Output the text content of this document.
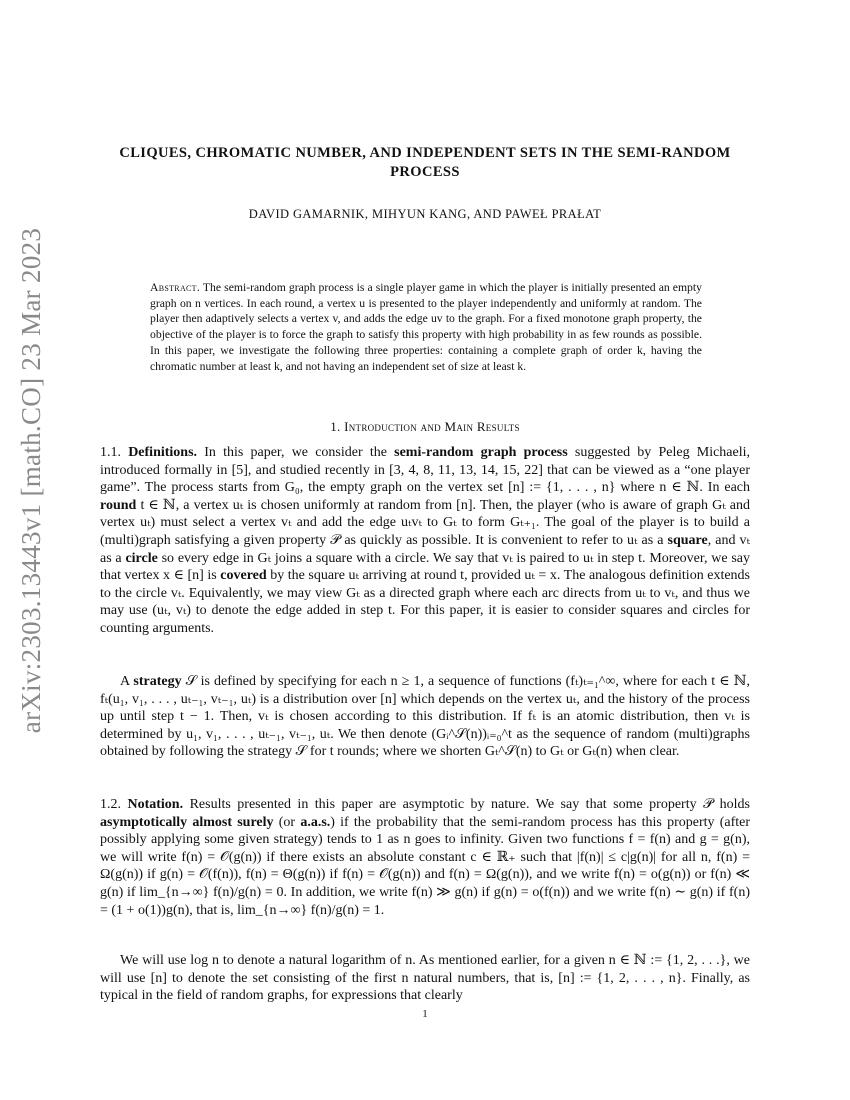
arXiv:2303.13443v1 [math.CO] 23 Mar 2023
CLIQUES, CHROMATIC NUMBER, AND INDEPENDENT SETS IN THE SEMI-RANDOM PROCESS
DAVID GAMARNIK, MIHYUN KANG, AND PAWEŁ PRAŁAT
Abstract. The semi-random graph process is a single player game in which the player is initially presented an empty graph on n vertices. In each round, a vertex u is presented to the player independently and uniformly at random. The player then adaptively selects a vertex v, and adds the edge uv to the graph. For a fixed monotone graph property, the objective of the player is to force the graph to satisfy this property with high probability in as few rounds as possible. In this paper, we investigate the following three properties: containing a complete graph of order k, having the chromatic number at least k, and not having an independent set of size at least k.
1. Introduction and Main Results
1.1. Definitions. In this paper, we consider the semi-random graph process suggested by Peleg Michaeli, introduced formally in [5], and studied recently in [3, 4, 8, 11, 13, 14, 15, 22] that can be viewed as a “one player game”. The process starts from G₀, the empty graph on the vertex set [n] := {1, . . . , n} where n ∈ ℕ. In each round t ∈ ℕ, a vertex uₜ is chosen uniformly at random from [n]. Then, the player (who is aware of graph Gₜ and vertex uₜ) must select a vertex vₜ and add the edge uₜvₜ to Gₜ to form Gₜ₊₁. The goal of the player is to build a (multi)graph satisfying a given property 𝒫 as quickly as possible. It is convenient to refer to uₜ as a square, and vₜ as a circle so every edge in Gₜ joins a square with a circle. We say that vₜ is paired to uₜ in step t. Moreover, we say that vertex x ∈ [n] is covered by the square uₜ arriving at round t, provided uₜ = x. The analogous definition extends to the circle vₜ. Equivalently, we may view Gₜ as a directed graph where each arc directs from uₜ to vₜ, and thus we may use (uₜ, vₜ) to denote the edge added in step t. For this paper, it is easier to consider squares and circles for counting arguments.
A strategy 𝒮 is defined by specifying for each n ≥ 1, a sequence of functions (fₜ)ₜ₌₁^∞, where for each t ∈ ℕ, fₜ(u₁, v₁, . . . , uₜ₋₁, vₜ₋₁, uₜ) is a distribution over [n] which depends on the vertex uₜ, and the history of the process up until step t − 1. Then, vₜ is chosen according to this distribution. If fₜ is an atomic distribution, then vₜ is determined by u₁, v₁, . . . , uₜ₋₁, vₜ₋₁, uₜ. We then denote (Gᵢ^𝒮(n))ᵢ₌₀^t as the sequence of random (multi)graphs obtained by following the strategy 𝒮 for t rounds; where we shorten Gₜ^𝒮(n) to Gₜ or Gₜ(n) when clear.
1.2. Notation. Results presented in this paper are asymptotic by nature. We say that some property 𝒫 holds asymptotically almost surely (or a.a.s.) if the probability that the semi-random process has this property (after possibly applying some given strategy) tends to 1 as n goes to infinity. Given two functions f = f(n) and g = g(n), we will write f(n) = 𝒪(g(n)) if there exists an absolute constant c ∈ ℝ₊ such that |f(n)| ≤ c|g(n)| for all n, f(n) = Ω(g(n)) if g(n) = 𝒪(f(n)), f(n) = Θ(g(n)) if f(n) = 𝒪(g(n)) and f(n) = Ω(g(n)), and we write f(n) = o(g(n)) or f(n) ≪ g(n) if lim_{n→∞} f(n)/g(n) = 0. In addition, we write f(n) ≫ g(n) if g(n) = o(f(n)) and we write f(n) ∼ g(n) if f(n) = (1 + o(1))g(n), that is, lim_{n→∞} f(n)/g(n) = 1.
We will use log n to denote a natural logarithm of n. As mentioned earlier, for a given n ∈ ℕ := {1, 2, . . .}, we will use [n] to denote the set consisting of the first n natural numbers, that is, [n] := {1, 2, . . . , n}. Finally, as typical in the field of random graphs, for expressions that clearly
1
